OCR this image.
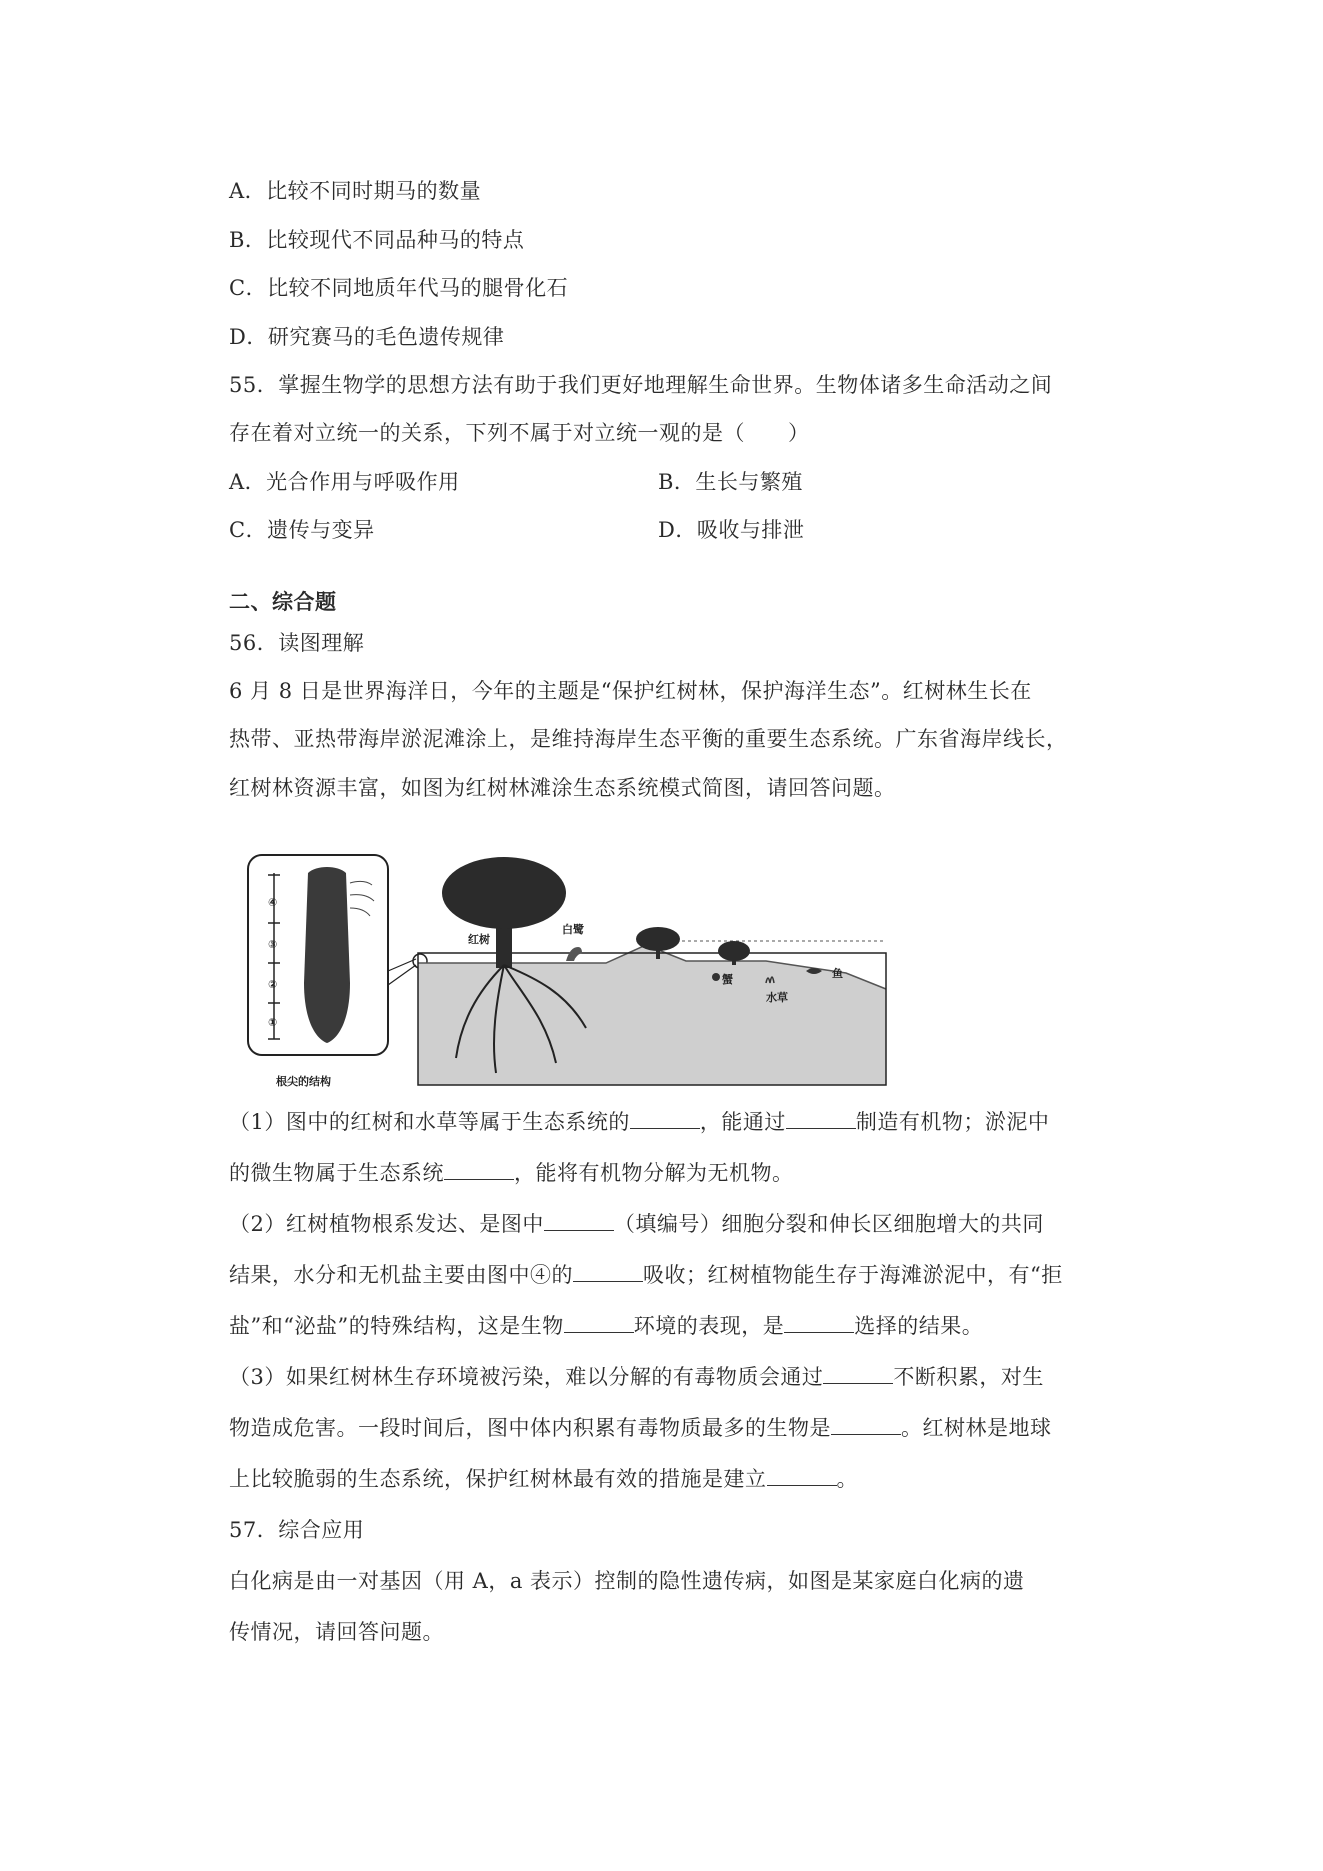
A．比较不同时期马的数量
B．比较现代不同品种马的特点
C．比较不同地质年代马的腿骨化石
D．研究赛马的毛色遗传规律
55．掌握生物学的思想方法有助于我们更好地理解生命世界。生物体诸多生命活动之间
存在着对立统一的关系，下列不属于对立统一观的是（　　）
A．光合作用与呼吸作用	B．生长与繁殖
C．遗传与变异	D．吸收与排泄
二、综合题
56．读图理解
6 月 8 日是世界海洋日，今年的主题是“保护红树林，保护海洋生态”。红树林生长在
热带、亚热带海岸淤泥滩涂上，是维持海岸生态平衡的重要生态系统。广东省海岸线长，
红树林资源丰富，如图为红树林滩涂生态系统模式简图，请回答问题。
④
③
②
①
根尖的结构
红树
白鹭
蟹
水草
鱼
（1）图中的红树和水草等属于生态系统的	，能通过	制造有机物；淤泥中
的微生物属于生态系统	，能将有机物分解为无机物。
（2）红树植物根系发达、是图中	（填编号）细胞分裂和伸长区细胞增大的共同
结果，水分和无机盐主要由图中④的	吸收；红树植物能生存于海滩淤泥中，有“拒
盐”和“泌盐”的特殊结构，这是生物	环境的表现，是	选择的结果。
（3）如果红树林生存环境被污染，难以分解的有毒物质会通过	不断积累，对生
物造成危害。一段时间后，图中体内积累有毒物质最多的生物是	。红树林是地球
上比较脆弱的生态系统，保护红树林最有效的措施是建立	。
57．综合应用
白化病是由一对基因（用 A，a 表示）控制的隐性遗传病，如图是某家庭白化病的遗
传情况，请回答问题。
